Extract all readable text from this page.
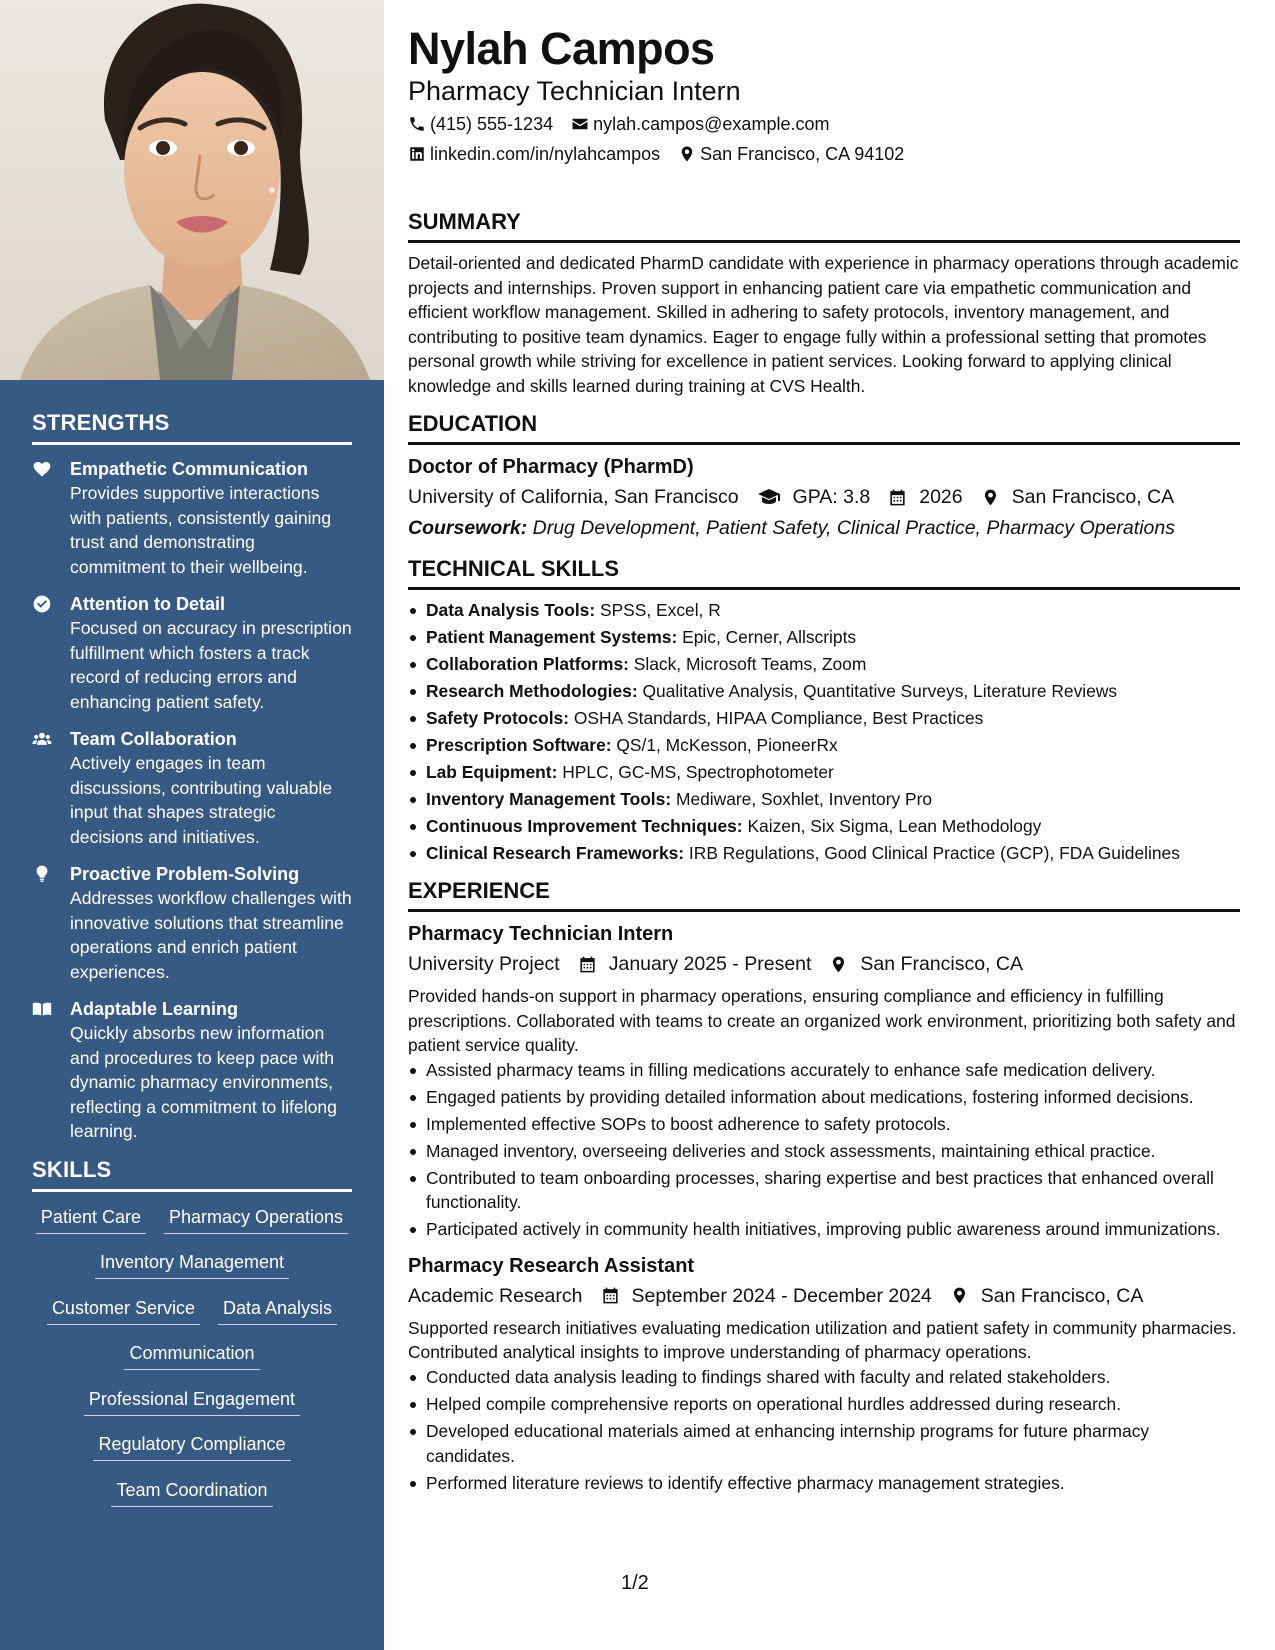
STRENGTHS
Empathetic Communication
Provides supportive interactions with patients, consistently gaining trust and demonstrating commitment to their wellbeing.
Attention to Detail
Focused on accuracy in prescription fulfillment which fosters a track record of reducing errors and enhancing patient safety.
Team Collaboration
Actively engages in team discussions, contributing valuable input that shapes strategic decisions and initiatives.
Proactive Problem-Solving
Addresses workflow challenges with innovative solutions that streamline operations and enrich patient experiences.
Adaptable Learning
Quickly absorbs new information and procedures to keep pace with dynamic pharmacy environments, reflecting a commitment to lifelong learning.
SKILLS
Patient Care Pharmacy Operations
Inventory Management
Customer Service Data Analysis
Communication
Professional Engagement
Regulatory Compliance
Team Coordination
Nylah Campos
Pharmacy Technician Intern
(415) 555-1234 nylah.campos@example.com
linkedin.com/in/nylahcampos San Francisco, CA 94102
SUMMARY
Detail-oriented and dedicated PharmD candidate with experience in pharmacy operations through academic projects and internships. Proven support in enhancing patient care via empathetic communication and efficient workflow management. Skilled in adhering to safety protocols, inventory management, and contributing to positive team dynamics. Eager to engage fully within a professional setting that promotes personal growth while striving for excellence in patient services. Looking forward to applying clinical knowledge and skills learned during training at CVS Health.
EDUCATION
Doctor of Pharmacy (PharmD)
University of California, San Francisco	GPA: 3.8	2026	San Francisco, CA
Coursework: Drug Development, Patient Safety, Clinical Practice, Pharmacy Operations
TECHNICAL SKILLS
Data Analysis Tools: SPSS, Excel, R
Patient Management Systems: Epic, Cerner, Allscripts
Collaboration Platforms: Slack, Microsoft Teams, Zoom
Research Methodologies: Qualitative Analysis, Quantitative Surveys, Literature Reviews
Safety Protocols: OSHA Standards, HIPAA Compliance, Best Practices
Prescription Software: QS/1, McKesson, PioneerRx
Lab Equipment: HPLC, GC-MS, Spectrophotometer
Inventory Management Tools: Mediware, Soxhlet, Inventory Pro
Continuous Improvement Techniques: Kaizen, Six Sigma, Lean Methodology
Clinical Research Frameworks: IRB Regulations, Good Clinical Practice (GCP), FDA Guidelines
EXPERIENCE
Pharmacy Technician Intern
University Project	January 2025 - Present	San Francisco, CA
Provided hands-on support in pharmacy operations, ensuring compliance and efficiency in fulfilling prescriptions. Collaborated with teams to create an organized work environment, prioritizing both safety and patient service quality.
Assisted pharmacy teams in filling medications accurately to enhance safe medication delivery.
Engaged patients by providing detailed information about medications, fostering informed decisions.
Implemented effective SOPs to boost adherence to safety protocols.
Managed inventory, overseeing deliveries and stock assessments, maintaining ethical practice.
Contributed to team onboarding processes, sharing expertise and best practices that enhanced overall functionality.
Participated actively in community health initiatives, improving public awareness around immunizations.
Pharmacy Research Assistant
Academic Research	September 2024 - December 2024	San Francisco, CA
Supported research initiatives evaluating medication utilization and patient safety in community pharmacies. Contributed analytical insights to improve understanding of pharmacy operations.
Conducted data analysis leading to findings shared with faculty and related stakeholders.
Helped compile comprehensive reports on operational hurdles addressed during research.
Developed educational materials aimed at enhancing internship programs for future pharmacy candidates.
Performed literature reviews to identify effective pharmacy management strategies.
1/2
